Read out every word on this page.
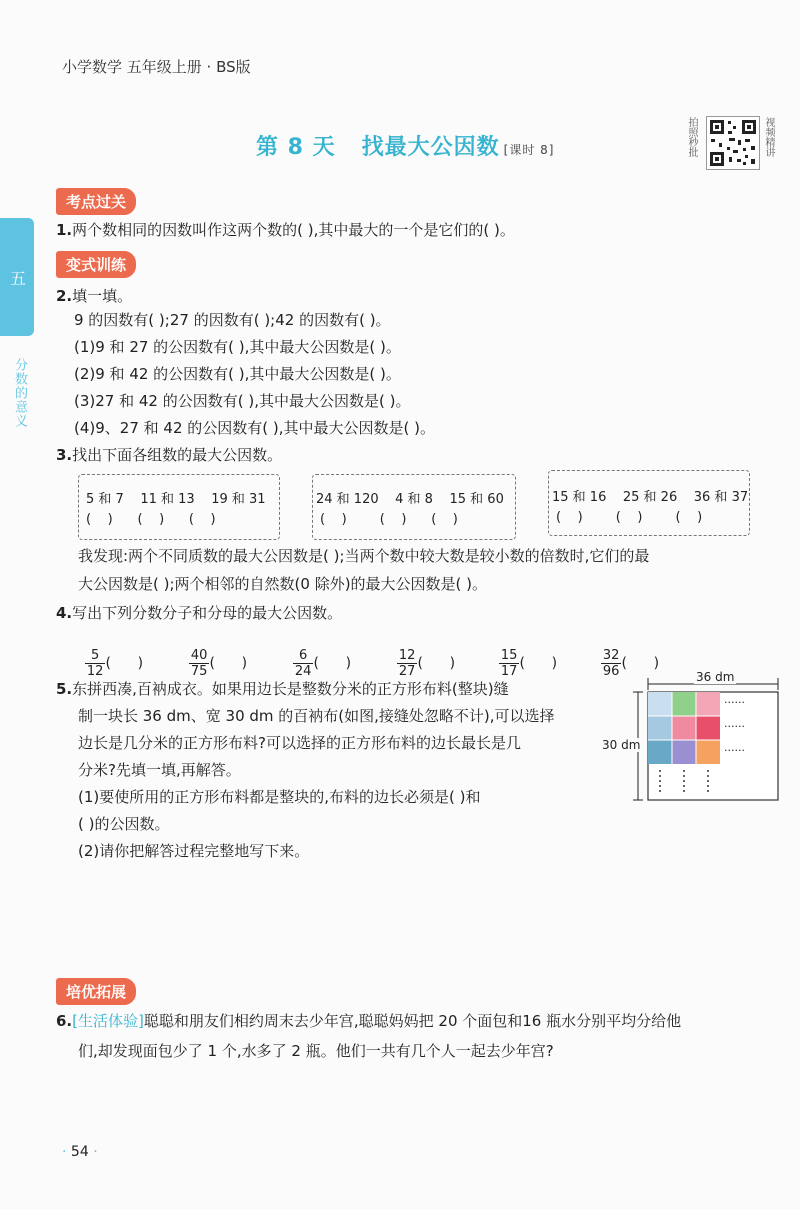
小学数学 五年级上册 · BS版
第 8 天 找最大公因数 [课时 8]	拍照秒批	视频精讲
五
分数的意义
考点过关
1.两个数相同的因数叫作这两个数的( ),其中最大的一个是它们的( )。
变式训练
2.填一填。
9 的因数有( );27 的因数有( );42 的因数有( )。
(1)9 和 27 的公因数有( ),其中最大公因数是( )。
(2)9 和 42 的公因数有( ),其中最大公因数是( )。
(3)27 和 42 的公因数有( ),其中最大公因数是( )。
(4)9、27 和 42 的公因数有( ),其中最大公因数是( )。
3.找出下面各组数的最大公因数。
5 和 7    11 和 13    19 和 31
(    )      (    )      (    )
24 和 120    4 和 8    15 和 60
(    )        (    )      (    )
15 和 16    25 和 26    36 和 37
(    )        (    )        (    )
我发现:两个不同质数的最大公因数是( );当两个数中较大数是较小数的倍数时,它们的最
大公因数是( );两个相邻的自然数(0 除外)的最大公因数是( )。
4.写出下列分数分子和分母的最大公因数。

$\frac{5}{12}$ (      )

	$\frac{40}{75}$ (      )

	$\frac{6}{24}$ (      )

	$\frac{12}{27}$ (      )

	$\frac{15}{17}$ (      )

	$\frac{32}{96}$ (      )

5.东拼西凑,百衲成衣。如果用边长是整数分米的正方形布料(整块)缝
制一块长 36 dm、宽 30 dm 的百衲布(如图,接缝处忽略不计),可以选择
边长是几分米的正方形布料?可以选择的正方形布料的边长最长是几
分米?先填一填,再解答。
(1)要使所用的正方形布料都是整块的,布料的边长必须是( )和
( )的公因数。
(2)请你把解答过程完整地写下来。
36 dm
30 dm
······
······
······
培优拓展
6.[生活体验]聪聪和朋友们相约周末去少年宫,聪聪妈妈把 20 个面包和16 瓶水分别平均分给他
们,却发现面包少了 1 个,水多了 2 瓶。他们一共有几个人一起去少年宫?
· 54 ·
